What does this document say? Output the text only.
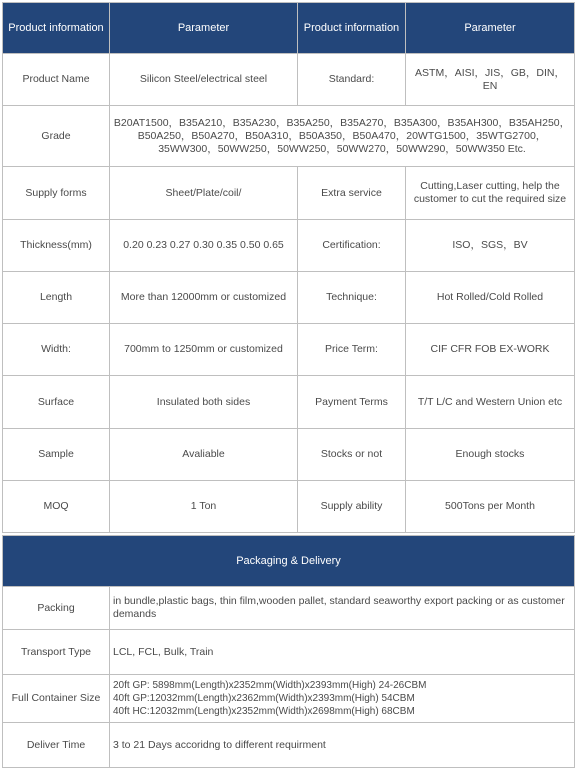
Product information	Parameter	Product information	Parameter
Product Name	Silicon Steel/electrical steel	Standard:	ASTM，AISI，JIS，GB，DIN，EN
Grade	B20AT1500，B35A210，B35A230，B35A250，B35A270，B35A300，B35AH300，B35AH250，B50A250，B50A270，B50A310，B50A350，B50A470，20WTG1500，35WTG2700，35WW300，50WW250，50WW250，50WW270，50WW290，50WW350 Etc.		
Supply forms	Sheet/Plate/coil/	Extra service	Cutting,Laser cutting, help the customer to cut the required size
Thickness(mm)	0.20 0.23 0.27 0.30 0.35 0.50 0.65	Certification:	ISO，SGS，BV
Length	More than 12000mm or customized	Technique:	Hot Rolled/Cold Rolled
Width:	700mm to 1250mm or customized	Price Term:	CIF CFR FOB EX-WORK
Surface	Insulated both sides	Payment Terms	T/T L/C and Western Union etc
Sample	Avaliable	Stocks or not	Enough stocks
MOQ	1 Ton	Supply ability	500Tons per Month
Packaging & Delivery	
Packing	in bundle,plastic bags, thin film,wooden pallet, standard seaworthy export packing or as customer demands
Transport Type	LCL, FCL, Bulk, Train
Full Container Size	20ft GP: 5898mm(Length)x2352mm(Width)x2393mm(High) 24-26CBM
40ft GP:12032mm(Length)x2362mm(Width)x2393mm(High) 54CBM
40ft HC:12032mm(Length)x2352mm(Width)x2698mm(High) 68CBM

Deliver Time	3 to 21 Days accoridng to different requirment
